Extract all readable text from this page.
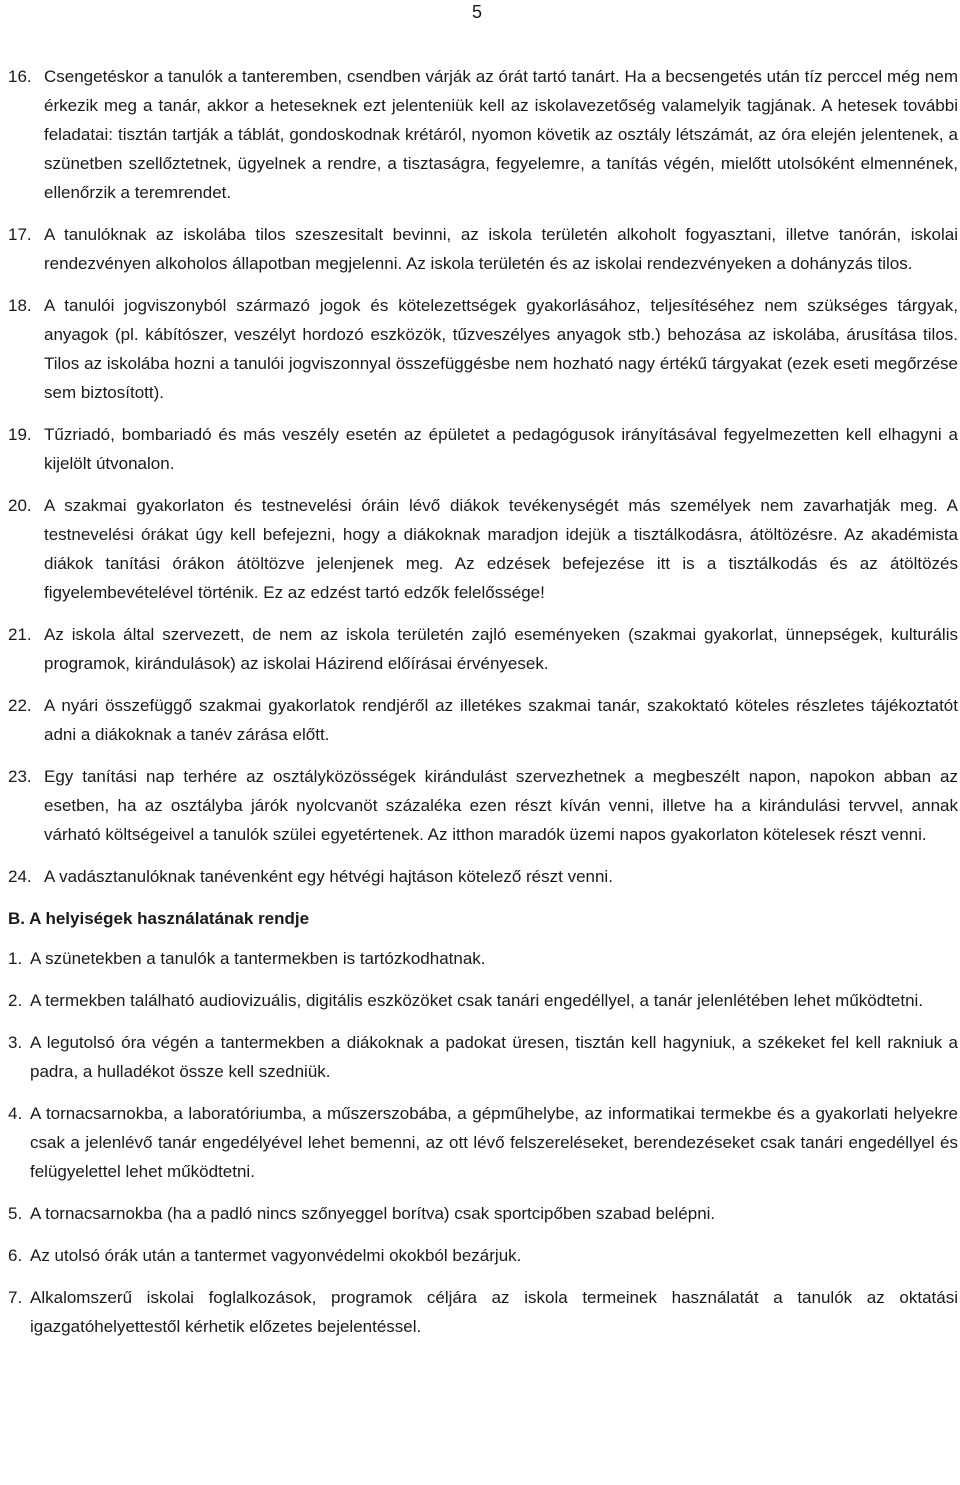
5
16. Csengetéskor a tanulók a tanteremben, csendben várják az órát tartó tanárt. Ha a becsengetés után tíz perccel még nem érkezik meg a tanár, akkor a heteseknek ezt jelenteniük kell az iskolavezetőség valamelyik tagjának. A hetesek további feladatai: tisztán tartják a táblát, gondoskodnak krétáról, nyomon követik az osztály létszámát, az óra elején jelentenek, a szünetben szellőztetnek, ügyelnek a rendre, a tisztaságra, fegyelemre, a tanítás végén, mielőtt utolsóként elmennének, ellenőrzik a teremrendet.
17. A tanulóknak az iskolába tilos szeszesitalt bevinni, az iskola területén alkoholt fogyasztani, illetve tanórán, iskolai rendezvényen alkoholos állapotban megjelenni. Az iskola területén és az iskolai rendezvényeken a dohányzás tilos.
18. A tanulói jogviszonyból származó jogok és kötelezettségek gyakorlásához, teljesítéséhez nem szükséges tárgyak, anyagok (pl. kábítószer, veszélyt hordozó eszközök, tűzveszélyes anyagok stb.) behozása az iskolába, árusítása tilos. Tilos az iskolába hozni a tanulói jogviszonnyal összefüggésbe nem hozható nagy értékű tárgyakat (ezek eseti megőrzése sem biztosított).
19. Tűzriadó, bombariadó és más veszély esetén az épületet a pedagógusok irányításával fegyelmezetten kell elhagyni a kijelölt útvonalon.
20. A szakmai gyakorlaton és testnevelési óráin lévő diákok tevékenységét más személyek nem zavarhatják meg. A testnevelési órákat úgy kell befejezni, hogy a diákoknak maradjon idejük a tisztálkodásra, átöltözésre. Az akadémista diákok tanítási órákon átöltözve jelenjenek meg. Az edzések befejezése itt is a tisztálkodás és az átöltözés figyelembevételével történik. Ez az edzést tartó edzők felelőssége!
21. Az iskola által szervezett, de nem az iskola területén zajló eseményeken (szakmai gyakorlat, ünnepségek, kulturális programok, kirándulások) az iskolai Házirend előírásai érvényesek.
22. A nyári összefüggő szakmai gyakorlatok rendjéről az illetékes szakmai tanár, szakoktató köteles részletes tájékoztatót adni a diákoknak a tanév zárása előtt.
23. Egy tanítási nap terhére az osztályközösségek kirándulást szervezhetnek a megbeszélt napon, napokon abban az esetben, ha az osztályba járók nyolcvanöt százaléka ezen részt kíván venni, illetve ha a kirándulási tervvel, annak várható költségeivel a tanulók szülei egyetértenek. Az itthon maradók üzemi napos gyakorlaton kötelesek részt venni.
24. A vadásztanulóknak tanévenként egy hétvégi hajtáson kötelező részt venni.
B. A helyiségek használatának rendje
1. A szünetekben a tanulók a tantermekben is tartózkodhatnak.
2. A termekben található audiovizuális, digitális eszközöket csak tanári engedéllyel, a tanár jelenlétében lehet működtetni.
3. A legutolsó óra végén a tantermekben a diákoknak a padokat üresen, tisztán kell hagyniuk, a székeket fel kell rakniuk a padra, a hulladékot össze kell szedniük.
4. A tornacsarnokba, a laboratóriumba, a műszerszobába, a gépműhelybe, az informatikai termekbe és a gyakorlati helyekre csak a jelenlévő tanár engedélyével lehet bemenni, az ott lévő felszereléseket, berendezéseket csak tanári engedéllyel és felügyelettel lehet működtetni.
5. A tornacsarnokba (ha a padló nincs szőnyeggel borítva) csak sportcipőben szabad belépni.
6. Az utolsó órák után a tantermet vagyonvédelmi okokból bezárjuk.
7. Alkalomszerű iskolai foglalkozások, programok céljára az iskola termeinek használatát a tanulók az oktatási igazgatóhelyettestől kérhetik előzetes bejelentéssel.
